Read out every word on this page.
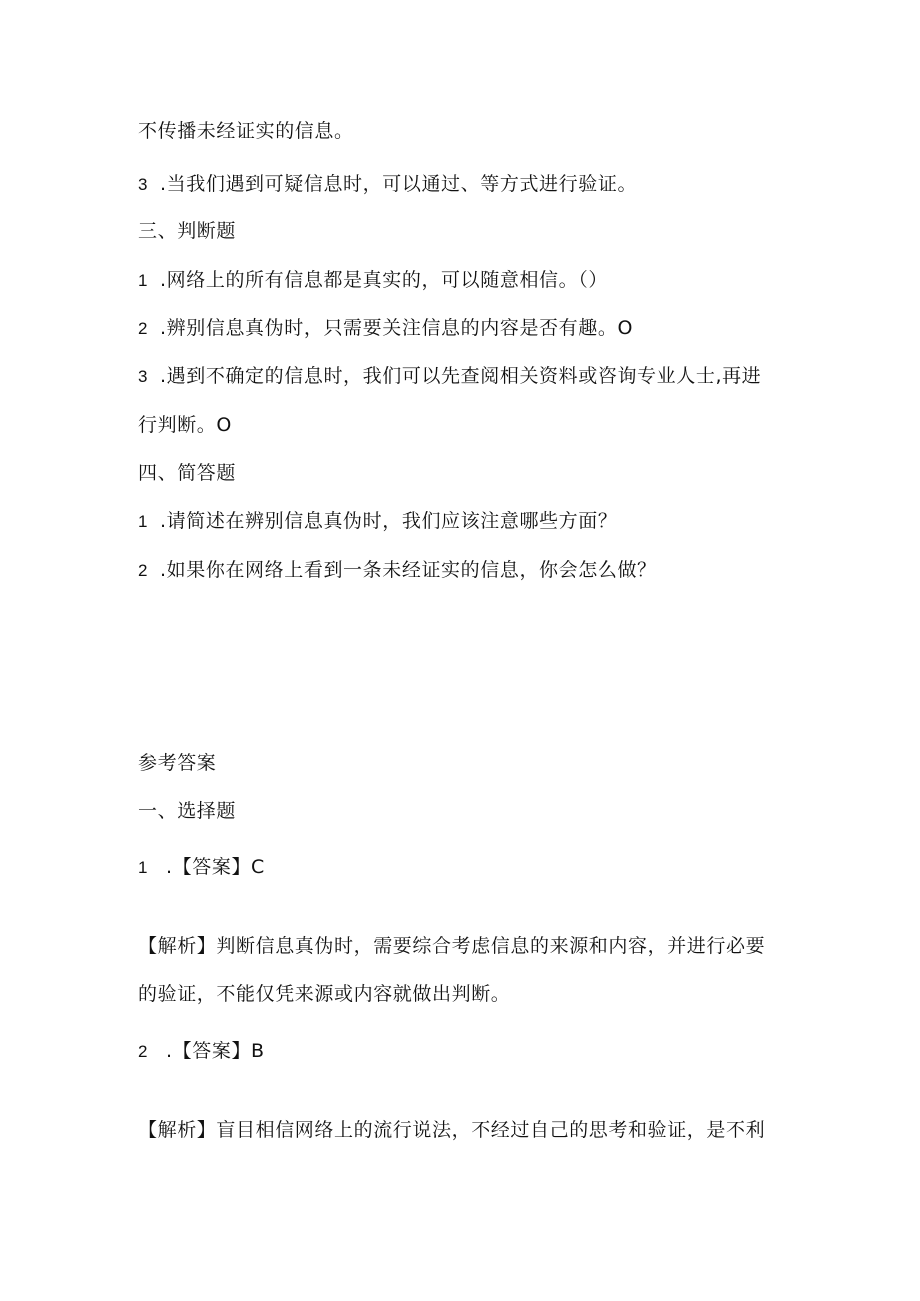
不传播未经证实的信息。
3 .当我们遇到可疑信息时，可以通过、等方式进行验证。
三、判断题
1 .网络上的所有信息都是真实的，可以随意相信。（）
2 .辨别信息真伪时，只需要关注信息的内容是否有趣。O
3 .遇到不确定的信息时，我们可以先查阅相关资料或咨询专业人士,再进
行判断。O
四、简答题
1 .请简述在辨别信息真伪时，我们应该注意哪些方面？
2 .如果你在网络上看到一条未经证实的信息，你会怎么做？
参考答案
一、选择题
1 .【答案】C
【解析】判断信息真伪时，需要综合考虑信息的来源和内容，并进行必要
的验证，不能仅凭来源或内容就做出判断。
2 .【答案】B
【解析】盲目相信网络上的流行说法，不经过自己的思考和验证，是不利
